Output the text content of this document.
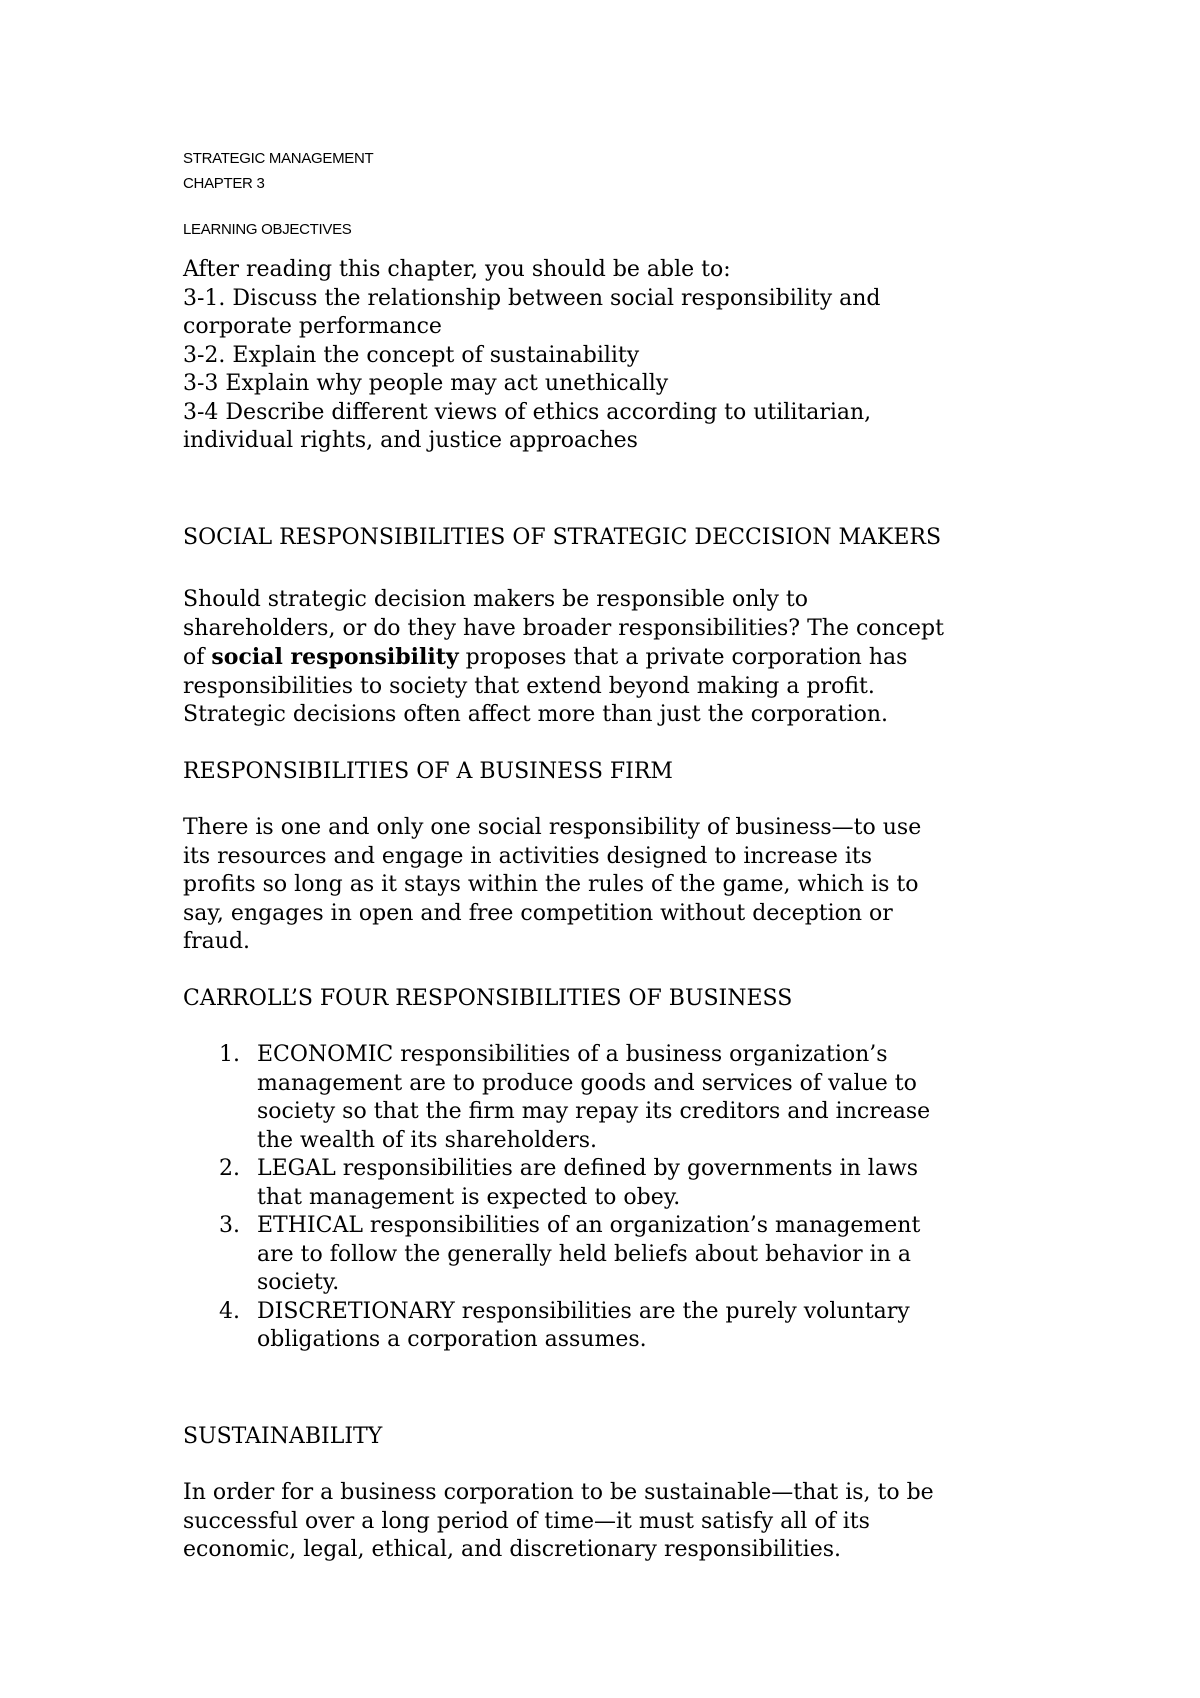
STRATEGIC MANAGEMENT

CHAPTER 3

LEARNING OBJECTIVES

After reading this chapter, you should be able to:
3-1. Discuss the relationship between social responsibility and
corporate performance
3-2. Explain the concept of sustainability
3-3 Explain why people may act unethically
3-4 Describe different views of ethics according to utilitarian,
individual rights, and justice approaches

SOCIAL RESPONSIBILITIES OF STRATEGIC DECCISION MAKERS

Should strategic decision makers be responsible only to
shareholders, or do they have broader responsibilities? The concept
of social responsibility proposes that a private corporation has
responsibilities to society that extend beyond making a profit.
Strategic decisions often affect more than just the corporation.

RESPONSIBILITIES OF A BUSINESS FIRM

There is one and only one social responsibility of business—to use
its resources and engage in activities designed to increase its
profits so long as it stays within the rules of the game, which is to
say, engages in open and free competition without deception or
fraud.

CARROLL’S FOUR RESPONSIBILITIES OF BUSINESS

1. ECONOMIC responsibilities of a business organization’s
management are to produce goods and services of value to
society so that the firm may repay its creditors and increase
the wealth of its shareholders.
2. LEGAL responsibilities are defined by governments in laws
that management is expected to obey.
3. ETHICAL responsibilities of an organization’s management
are to follow the generally held beliefs about behavior in a
society.
4. DISCRETIONARY responsibilities are the purely voluntary
obligations a corporation assumes.

SUSTAINABILITY

In order for a business corporation to be sustainable—that is, to be
successful over a long period of time—it must satisfy all of its
economic, legal, ethical, and discretionary responsibilities.
